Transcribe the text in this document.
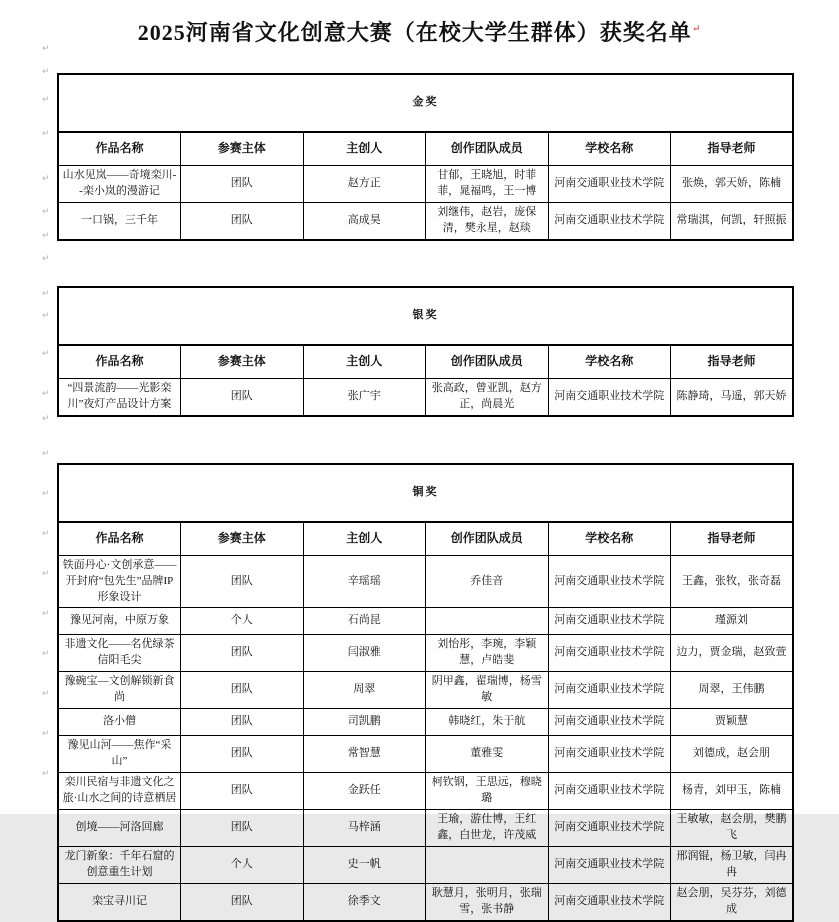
2025河南省文化创意大赛（在校大学生群体）获奖名单↵
↵
↵
↵
↵
↵
↵
↵
↵
↵
↵
↵
↵
↵
↵
↵
↵
↵
↵
↵
↵
↵
↵
金奖					
作品名称	参赛主体	主创人	创作团队成员	学校名称	指导老师
山水见岚——奇境栾川--栾小岚的漫游记	团队	赵方正	甘郁，王晓旭，时菲菲，晁福鸣，王一博	河南交通职业技术学院	张焕，郭天娇，陈楠
一口锅，三千年	团队	高成昊	刘继伟，赵岩，庞保清，樊永星，赵琰	河南交通职业技术学院	常瑞淇，何凯，轩照振
银奖					
作品名称	参赛主体	主创人	创作团队成员	学校名称	指导老师
“四景流韵——光影栾川”夜灯产品设计方案	团队	张广宇	张高政，曾亚凯，赵方正，尚晨光	河南交通职业技术学院	陈静琦，马遥，郭天娇
铜奖					
作品名称	参赛主体	主创人	创作团队成员	学校名称	指导老师
铁面丹心·文创承意——开封府“包先生”品牌IP形象设计	团队	辛瑶瑶	乔佳音	河南交通职业技术学院	王鑫，张牧，张奇磊
豫见河南，中原万象	个人	石尚昆		河南交通职业技术学院	瑾源刘
非遗文化——名优绿茶信阳毛尖	团队	闫淑雅	刘怡彤，李琬，李颖慧，卢皓斐	河南交通职业技术学院	边力，贾金瑞，赵致萱
豫碗宝—文创解锁新食尚	团队	周翠	阴甲鑫，翟瑞博，杨雪敏	河南交通职业技术学院	周翠，王伟鹏
洛小僧	团队	司凯鹏	韩晓红，朱于航	河南交通职业技术学院	贾颖慧
豫见山河——焦作“采山”	团队	常智慧	董雅雯	河南交通职业技术学院	刘德成，赵会朋
栾川民宿与非遗文化之旅·山水之间的诗意栖居	团队	金跃任	柯钦钢，王思远，穆晓璐	河南交通职业技术学院	杨青，刘甲玉，陈楠
创境——河洛回廊	团队	马梓涵	王瑜，游仕博，王红鑫，白世龙，许茂威	河南交通职业技术学院	王敏敏，赵会朋，樊鹏飞
龙门新象：千年石窟的创意重生计划	个人	史一帆		河南交通职业技术学院	邢润锟，杨卫敏，闫冉冉
栾宝寻川记	团队	徐季文	耿慧月，张明月，张瑞雪，张书静	河南交通职业技术学院	赵会朋，吴芬芬，刘德成
